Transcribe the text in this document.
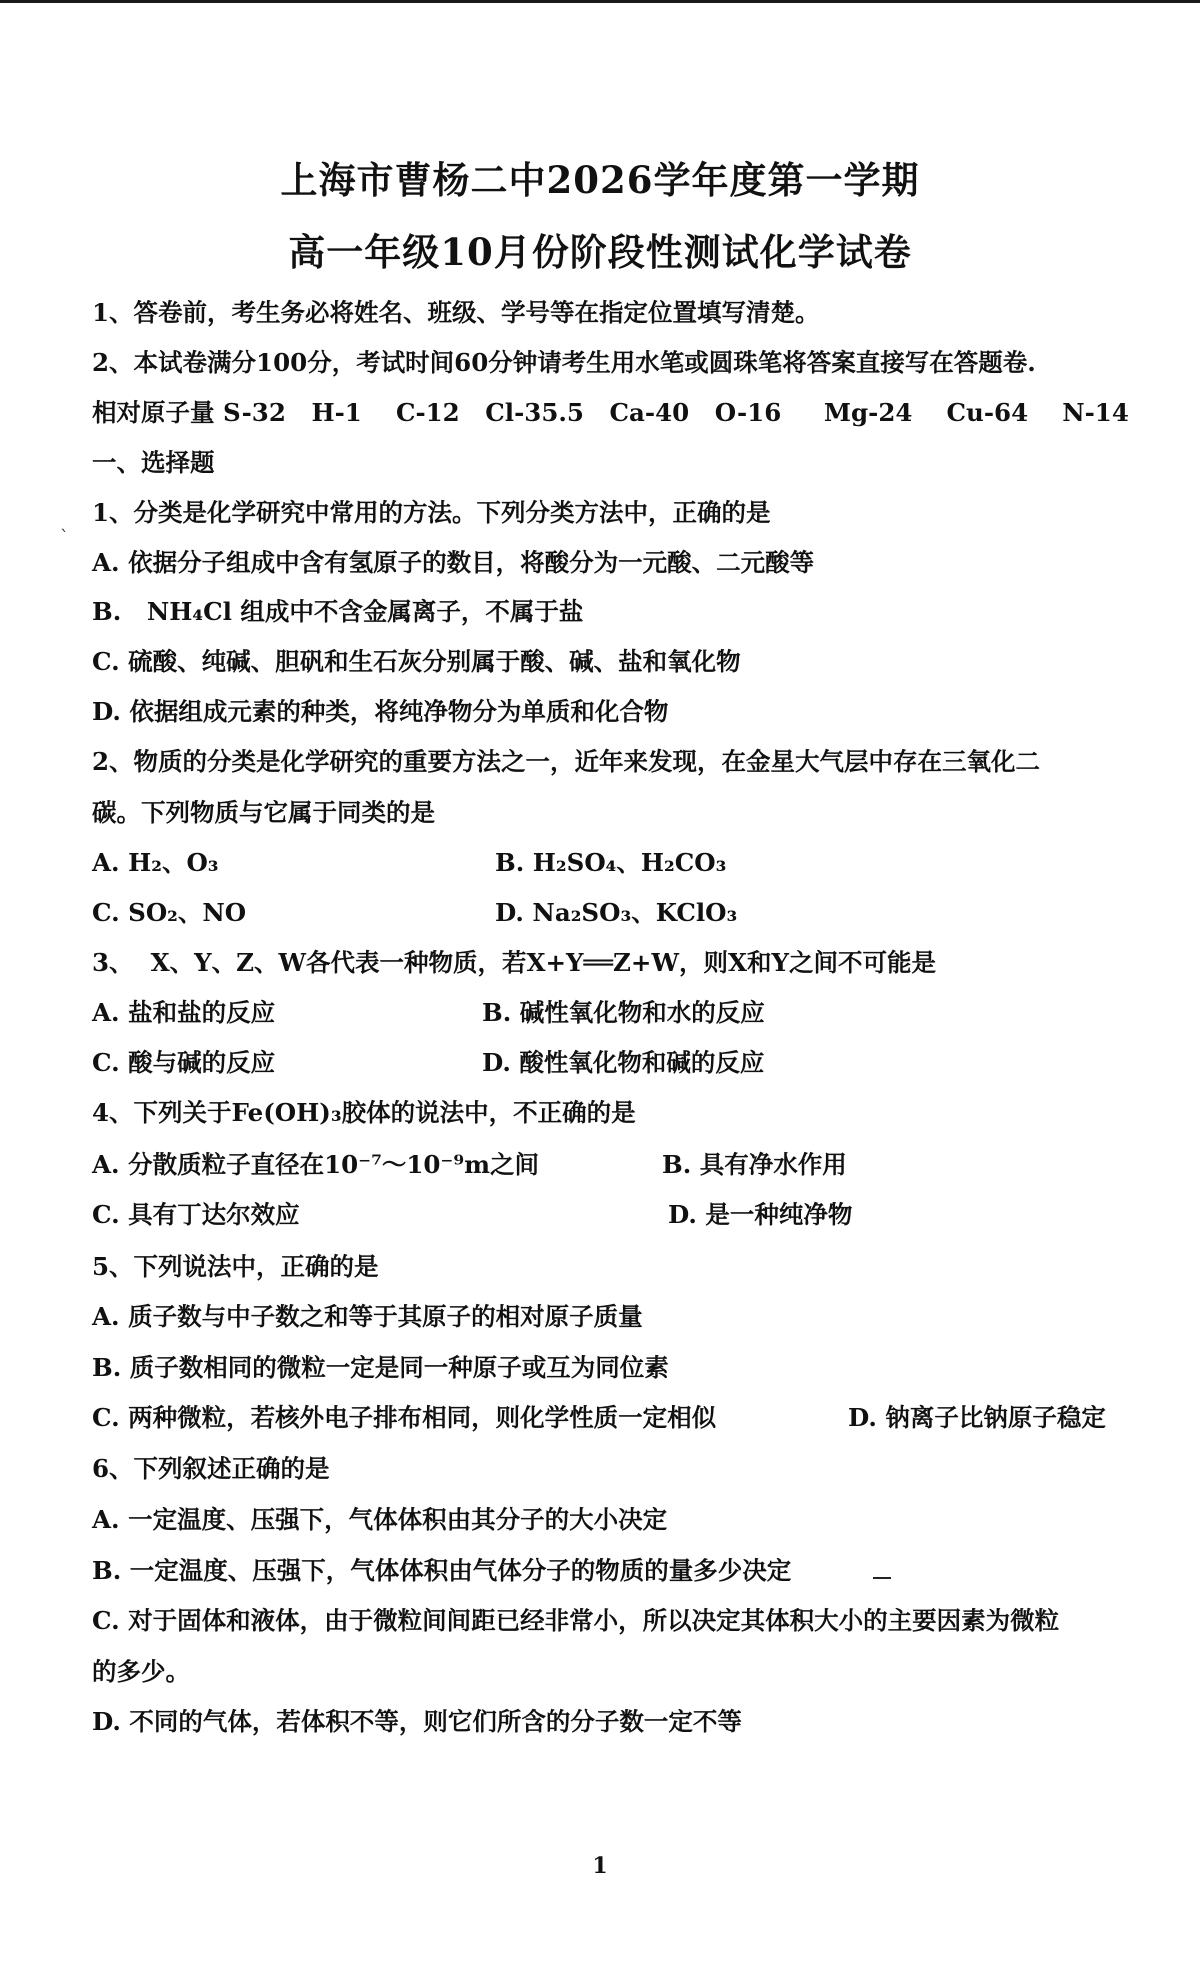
上海市曹杨二中2026学年度第一学期
高一年级10月份阶段性测试化学试卷
1、答卷前，考生务必将姓名、班级、学号等在指定位置填写清楚。
2、本试卷满分100分，考试时间60分钟请考生用水笔或圆珠笔将答案直接写在答题卷.
相对原子量 S-32   H-1    C-12   Cl-35.5   Ca-40   O-16     Mg-24    Cu-64    N-14
一、选择题
`
1、分类是化学研究中常用的方法。下列分类方法中，正确的是
A. 依据分子组成中含有氢原子的数目，将酸分为一元酸、二元酸等
B.   NH₄Cl 组成中不含金属离子，不属于盐
C. 硫酸、纯碱、胆矾和生石灰分别属于酸、碱、盐和氧化物
D. 依据组成元素的种类，将纯净物分为单质和化合物
2、物质的分类是化学研究的重要方法之一，近年来发现，在金星大气层中存在三氧化二
碳。下列物质与它属于同类的是
A. H₂、O₃	B. H₂SO₄、H₂CO₃
C. SO₂、NO	D. Na₂SO₃、KClO₃
3、  X、Y、Z、W各代表一种物质，若X+Y══Z+W，则X和Y之间不可能是
A. 盐和盐的反应	B. 碱性氧化物和水的反应
C. 酸与碱的反应	D. 酸性氧化物和碱的反应
4、下列关于Fe(OH)₃胶体的说法中，不正确的是
A. 分散质粒子直径在10⁻⁷～10⁻⁹m之间	B. 具有净水作用
C. 具有丁达尔效应	D. 是一种纯净物
5、下列说法中，正确的是
A. 质子数与中子数之和等于其原子的相对原子质量
B. 质子数相同的微粒一定是同一种原子或互为同位素
C. 两种微粒，若核外电子排布相同，则化学性质一定相似	D. 钠离子比钠原子稳定
6、下列叙述正确的是
A. 一定温度、压强下，气体体积由其分子的大小决定
B. 一定温度、压强下，气体体积由气体分子的物质的量多少决定
C. 对于固体和液体，由于微粒间间距已经非常小，所以决定其体积大小的主要因素为微粒
的多少。
D. 不同的气体，若体积不等，则它们所含的分子数一定不等
1
